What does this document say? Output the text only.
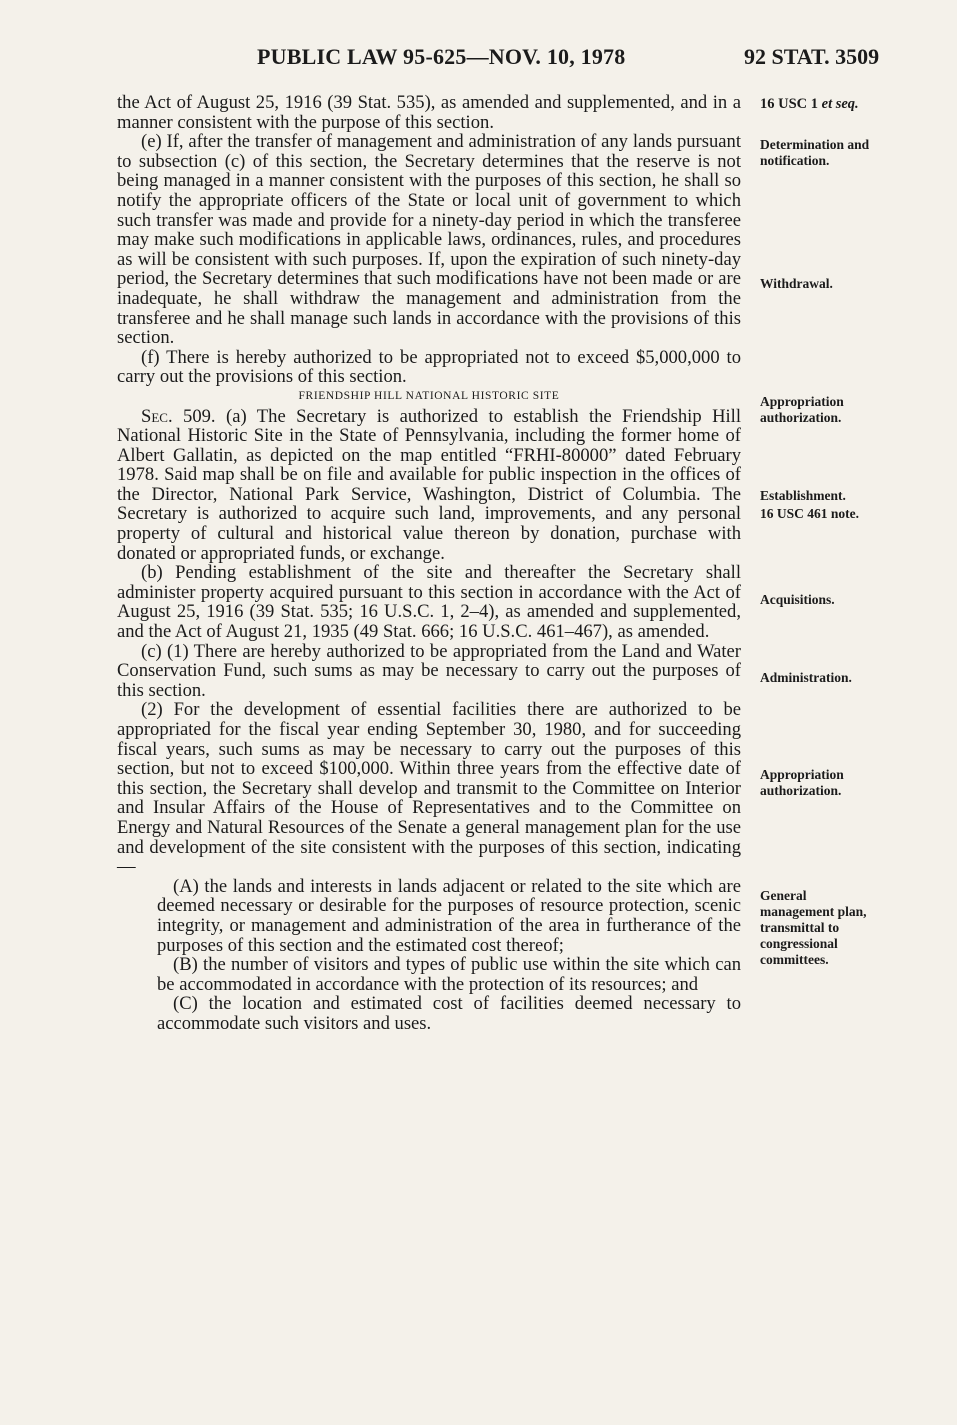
PUBLIC LAW 95-625—NOV. 10, 1978	92 STAT. 3509

the Act of August 25, 1916 (39 Stat. 535), as amended and supplemented, and in a manner consistent with the purpose of this section.

(e) If, after the transfer of management and administration of any lands pursuant to subsection (c) of this section, the Secretary determines that the reserve is not being managed in a manner consistent with the purposes of this section, he shall so notify the appropriate officers of the State or local unit of government to which such transfer was made and provide for a ninety-day period in which the transferee may make such modifications in applicable laws, ordinances, rules, and procedures as will be consistent with such purposes. If, upon the expiration of such ninety-day period, the Secretary determines that such modifications have not been made or are inadequate, he shall withdraw the management and administration from the transferee and he shall manage such lands in accordance with the provisions of this section.

(f) There is hereby authorized to be appropriated not to exceed $5,000,000 to carry out the provisions of this section.

FRIENDSHIP HILL NATIONAL HISTORIC SITE

Sec. 509. (a) The Secretary is authorized to establish the Friendship Hill National Historic Site in the State of Pennsylvania, including the former home of Albert Gallatin, as depicted on the map entitled “FRHI-80000” dated February 1978. Said map shall be on file and available for public inspection in the offices of the Director, National Park Service, Washington, District of Columbia. The Secretary is authorized to acquire such land, improvements, and any personal property of cultural and historical value thereon by donation, purchase with donated or appropriated funds, or exchange.

(b) Pending establishment of the site and thereafter the Secretary shall administer property acquired pursuant to this section in accordance with the Act of August 25, 1916 (39 Stat. 535; 16 U.S.C. 1, 2–4), as amended and supplemented, and the Act of August 21, 1935 (49 Stat. 666; 16 U.S.C. 461–467), as amended.

(c) (1) There are hereby authorized to be appropriated from the Land and Water Conservation Fund, such sums as may be necessary to carry out the purposes of this section.

(2) For the development of essential facilities there are authorized to be appropriated for the fiscal year ending September 30, 1980, and for succeeding fiscal years, such sums as may be necessary to carry out the purposes of this section, but not to exceed $100,000. Within three years from the effective date of this section, the Secretary shall develop and transmit to the Committee on Interior and Insular Affairs of the House of Representatives and to the Committee on Energy and Natural Resources of the Senate a general management plan for the use and development of the site consistent with the purposes of this section, indicating—

(A) the lands and interests in lands adjacent or related to the site which are deemed necessary or desirable for the purposes of resource protection, scenic integrity, or management and administration of the area in furtherance of the purposes of this section and the estimated cost thereof;

(B) the number of visitors and types of public use within the site which can be accommodated in accordance with the protection of its resources; and

(C) the location and estimated cost of facilities deemed necessary to accommodate such visitors and uses.

16 USC 1 et seq.
Determination and notification.
Withdrawal.
Appropriation authorization.
Establishment.
16 USC 461 note.
Acquisitions.
Administration.
Appropriation authorization.
General management plan, transmittal to congressional committees.
